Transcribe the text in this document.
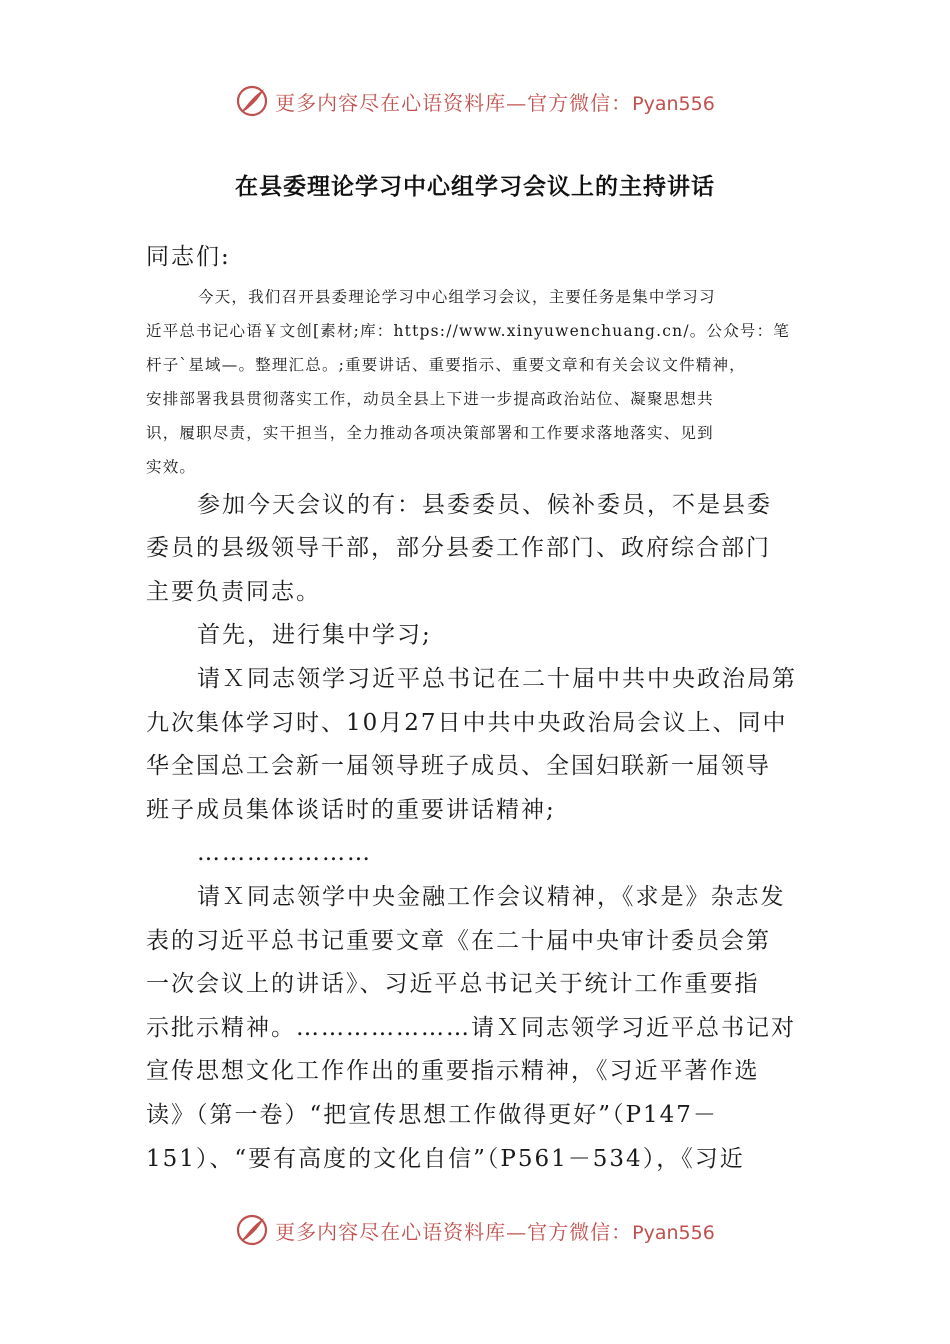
更多内容尽在心语资料库—官方微信：Pyan556
在县委理论学习中心组学习会议上的主持讲话

同志们:

今天，我们召开县委理论学习中心组学习会议，主要任务是集中学习习

近平总书记心语￥文创[素材;库：https://www.xinyuwenchuang.cn/。公众号：笔

杆子`星域—。整理汇总。;重要讲话、重要指示、重要文章和有关会议文件精神，

安排部署我县贯彻落实工作，动员全县上下进一步提高政治站位、凝聚思想共

识，履职尽责，实干担当，全力推动各项决策部署和工作要求落地落实、见到

实效。

参加今天会议的有：县委委员、候补委员，不是县委

委员的县级领导干部，部分县委工作部门、政府综合部门

主要负责同志。

首先，进行集中学习;

请Ｘ同志领学习近平总书记在二十届中共中央政治局第

九次集体学习时、10月27日中共中央政治局会议上、同中

华全国总工会新一届领导班子成员、全国妇联新一届领导

班子成员集体谈话时的重要讲话精神;

…………………

请Ｘ同志领学中央金融工作会议精神，《求是》杂志发

表的习近平总书记重要文章《在二十届中央审计委员会第

一次会议上的讲话》、习近平总书记关于统计工作重要指

示批示精神。…………………请Ｘ同志领学习近平总书记对

宣传思想文化工作作出的重要指示精神，《习近平著作选

读》（第一卷）“把宣传思想工作做得更好”（P147－

151）、“要有高度的文化自信”（P561－534），《习近

更多内容尽在心语资料库—官方微信：Pyan556
